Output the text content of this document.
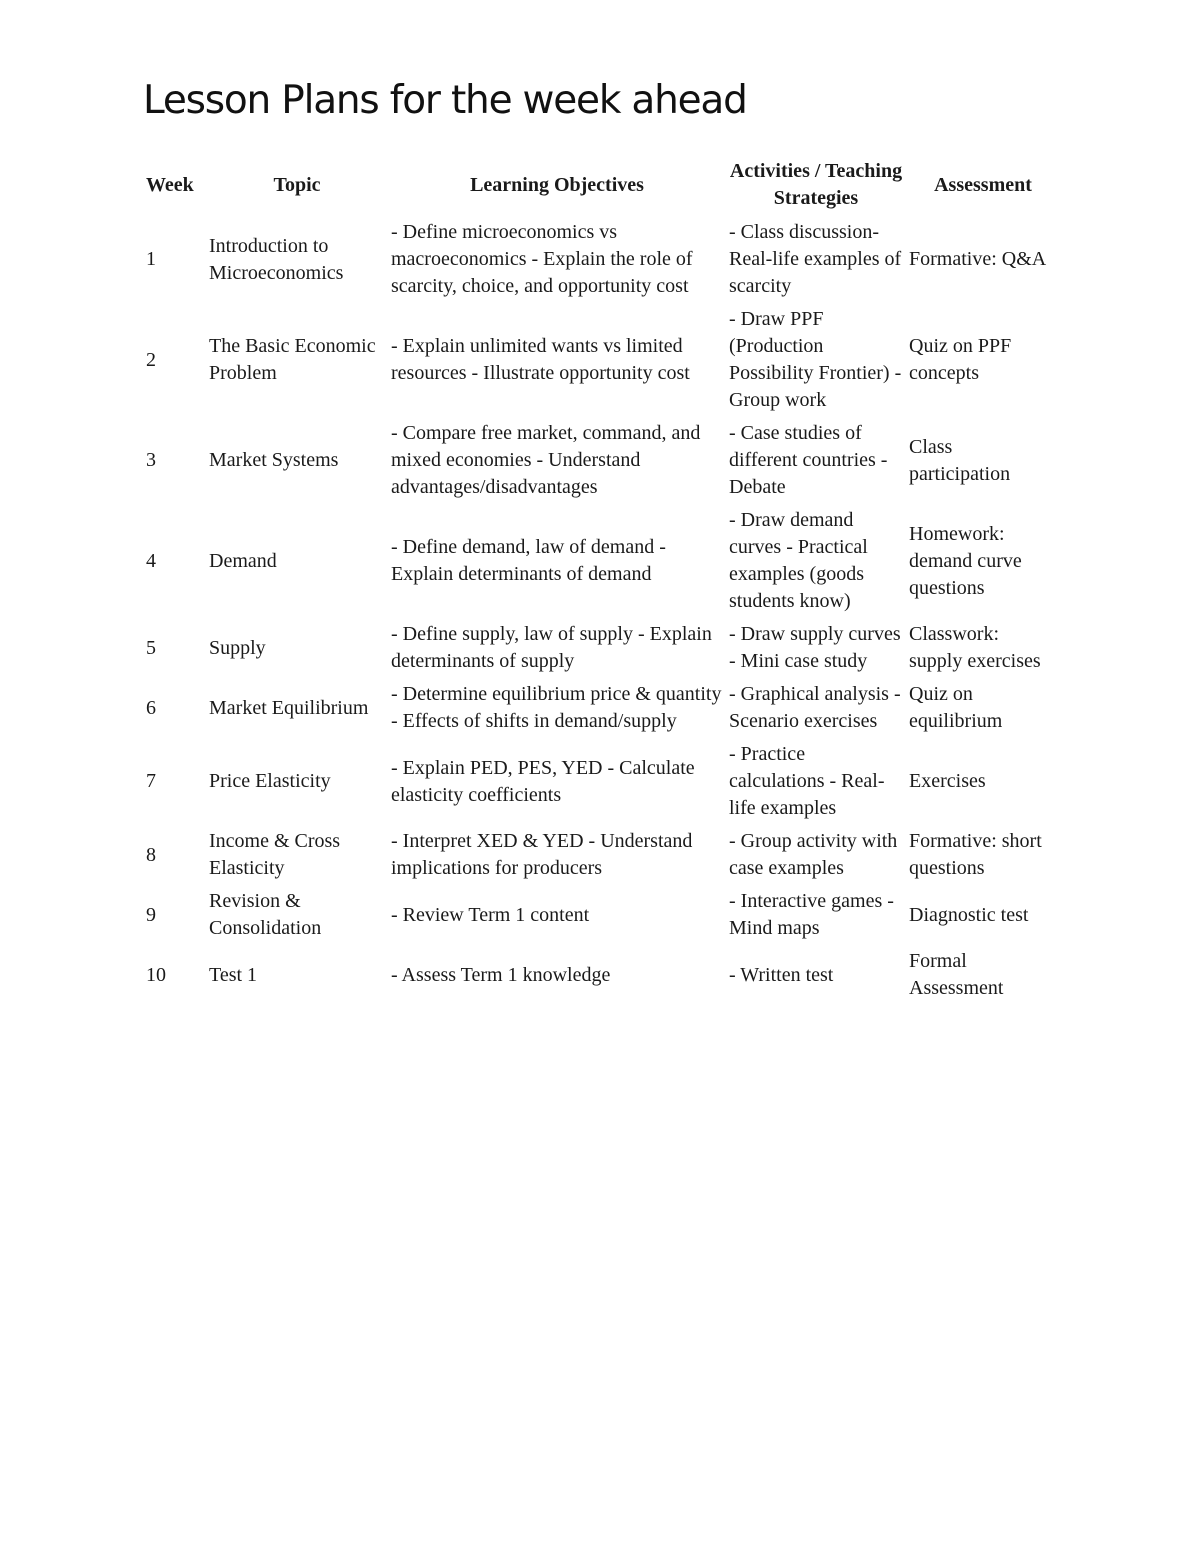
Lesson Plans for the week ahead
Week	Topic	Learning Objectives	Activities / Teaching Strategies	Assessment
1	Introduction to Microeconomics	- Define microeconomics vs macroeconomics - Explain the role of scarcity, choice, and opportunity cost	- Class discussion- Real-life examples of scarcity	Formative: Q&A
2	The Basic Economic Problem	- Explain unlimited wants vs limited resources - Illustrate opportunity cost	- Draw PPF (Production Possibility Frontier) - Group work	Quiz on PPF concepts
3	Market Systems	- Compare free market, command, and mixed economies - Understand advantages/disadvantages	- Case studies of different countries - Debate	Class participation
4	Demand	- Define demand, law of demand - Explain determinants of demand	- Draw demand curves - Practical examples (goods students know)	Homework: demand curve questions
5	Supply	- Define supply, law of supply - Explain determinants of supply	- Draw supply curves - Mini case study	Classwork: supply exercises
6	Market Equilibrium	- Determine equilibrium price & quantity - Effects of shifts in demand/supply	- Graphical analysis - Scenario exercises	Quiz on equilibrium
7	Price Elasticity	- Explain PED, PES, YED - Calculate elasticity coefficients	- Practice calculations - Real-life examples	Exercises
8	Income & Cross Elasticity	- Interpret XED & YED - Understand implications for producers	- Group activity with case examples	Formative: short questions
9	Revision & Consolidation	- Review Term 1 content	- Interactive games - Mind maps	Diagnostic test
10	Test 1	- Assess Term 1 knowledge	- Written test	Formal Assessment
